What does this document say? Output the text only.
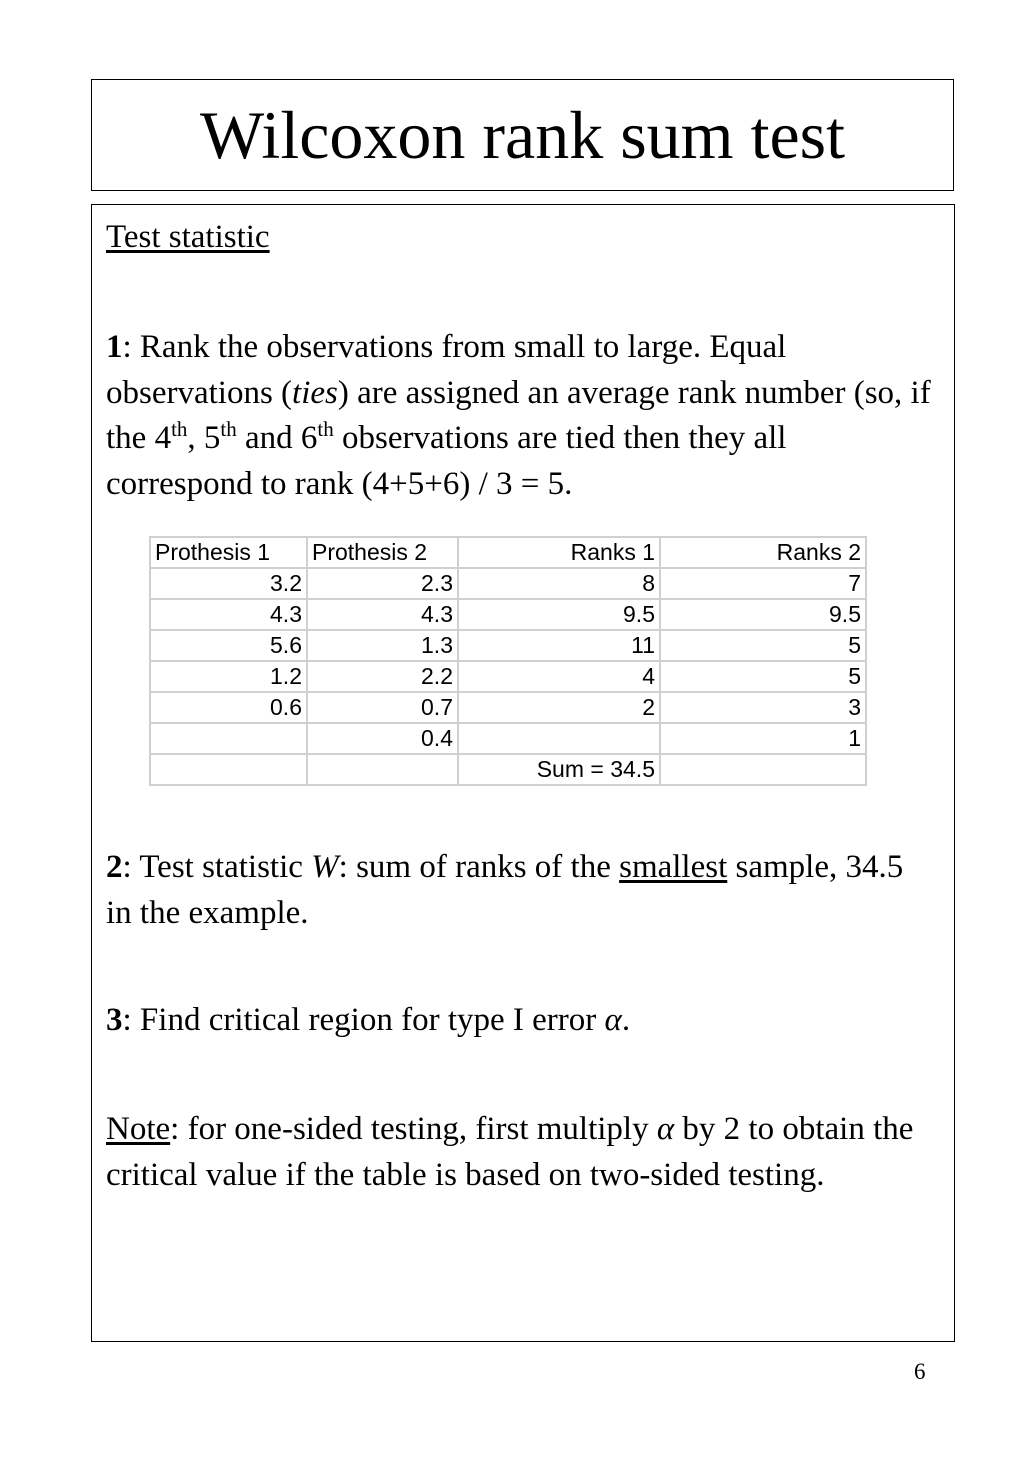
Wilcoxon rank sum test
Test statistic
1: Rank the observations from small to large. Equal observations (ties) are assigned an average rank number (so, if the 4th, 5th and 6th observations are tied then they all correspond to rank (4+5+6) / 3 = 5.
Prothesis 1	Prothesis 2	Ranks 1	Ranks 2
3.2	2.3	8	7
4.3	4.3	9.5	9.5
5.6	1.3	11	5
1.2	2.2	4	5
0.6	0.7	2	3
	0.4		1
		Sum = 34.5	
2: Test statistic W: sum of ranks of the smallest sample, 34.5 in the example.
3: Find critical region for type I error α.
Note: for one-sided testing, first multiply α by 2 to obtain the critical value if the table is based on two-sided testing.
6
